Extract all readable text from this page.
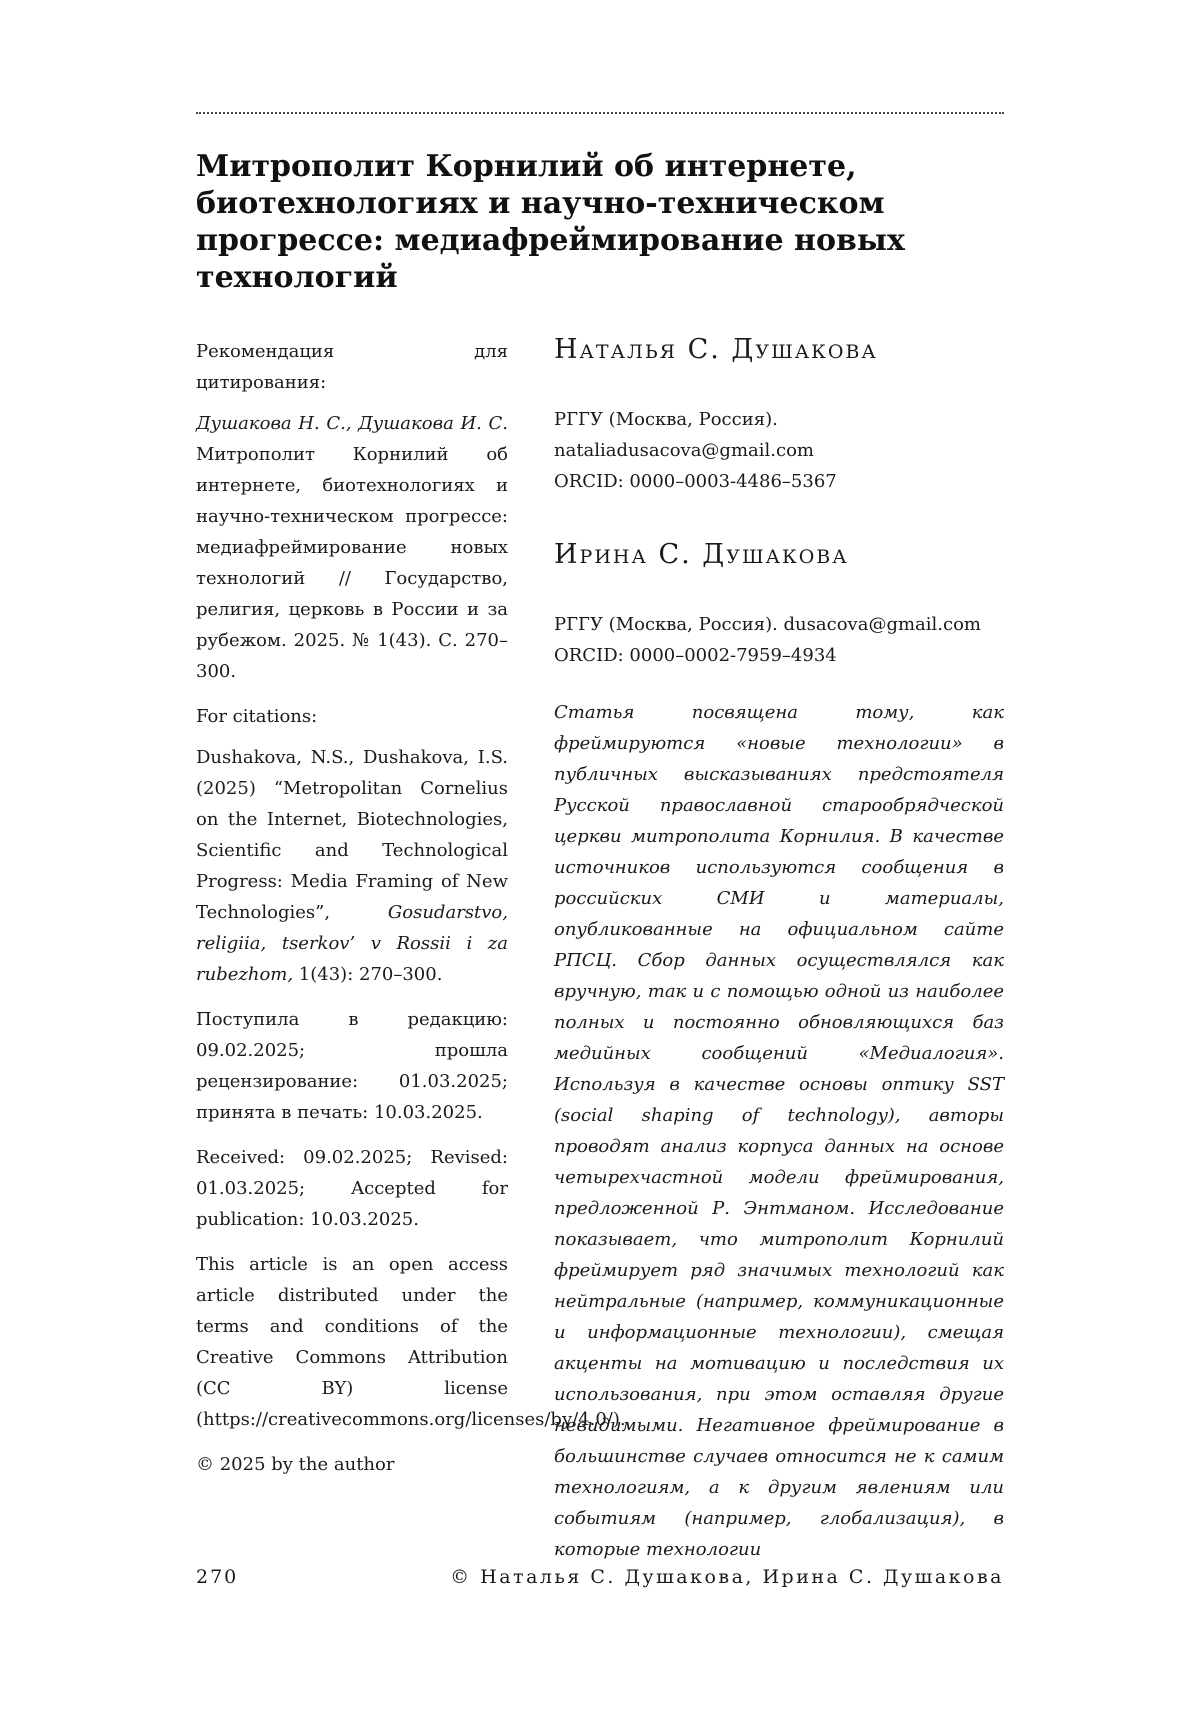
Митрополит Корнилий об интернете, биотехнологиях и научно-техническом прогрессе: медиафреймирование новых технологий

Рекомендация для цитирования:

Душакова Н. С., Душакова И. С. Митрополит Корнилий об интернете, биотехнологиях и научно-техническом прогрессе: медиафреймирование новых технологий // Государство, религия, церковь в России и за рубежом. 2025. № 1(43). С. 270–300.

For citations:

Dushakova, N.S., Dushakova, I.S. (2025) “Metropolitan Cornelius on the Internet, Biotechnologies, Scientific and Technological Progress: Media Framing of New Technologies”, Gosudarstvo, religiia, tserkov’ v Rossii i za rubezhom, 1(43): 270–300.

Поступила в редакцию: 09.02.2025; прошла рецензирование: 01.03.2025; принята в печать: 10.03.2025.

Received: 09.02.2025; Revised: 01.03.2025; Accepted for publication: 10.03.2025.

This article is an open access article distributed under the terms and conditions of the Creative Commons Attribution (CC BY) license (https://creativecommons.org/licenses/by/4.0/).

© 2025 by the author

Наталья С. Душакова
РГГУ (Москва, Россия).
nataliadusacova@gmail.com
ORCID: 0000–0003-4486–5367
Ирина С. Душакова
РГГУ (Москва, Россия). dusacova@gmail.com
ORCID: 0000–0002-7959–4934

Статья посвящена тому, как фреймируются «новые технологии» в публичных высказываниях предстоятеля Русской православной старообрядческой церкви митрополита Корнилия. В качестве источников используются сообщения в российских СМИ и материалы, опубликованные на официальном сайте РПСЦ. Сбор данных осуществлялся как вручную, так и с помощью одной из наиболее полных и постоянно обновляющихся баз медийных сообщений «Медиалогия». Используя в качестве основы оптику SST (social shaping of technology), авторы проводят анализ корпуса данных на основе четырехчастной модели фреймирования, предложенной Р. Энтманом. Исследование показывает, что митрополит Корнилий фреймирует ряд значимых технологий как нейтральные (например, коммуникационные и информационные технологии), смещая акценты на мотивацию и последствия их использования, при этом оставляя другие невидимыми. Негативное фреймирование в большинстве случаев относится не к самим технологиям, а к другим явлениям или событиям (например, глобализация), в которые технологии

270	© Наталья С. Душакова, Ирина С. Душакова
